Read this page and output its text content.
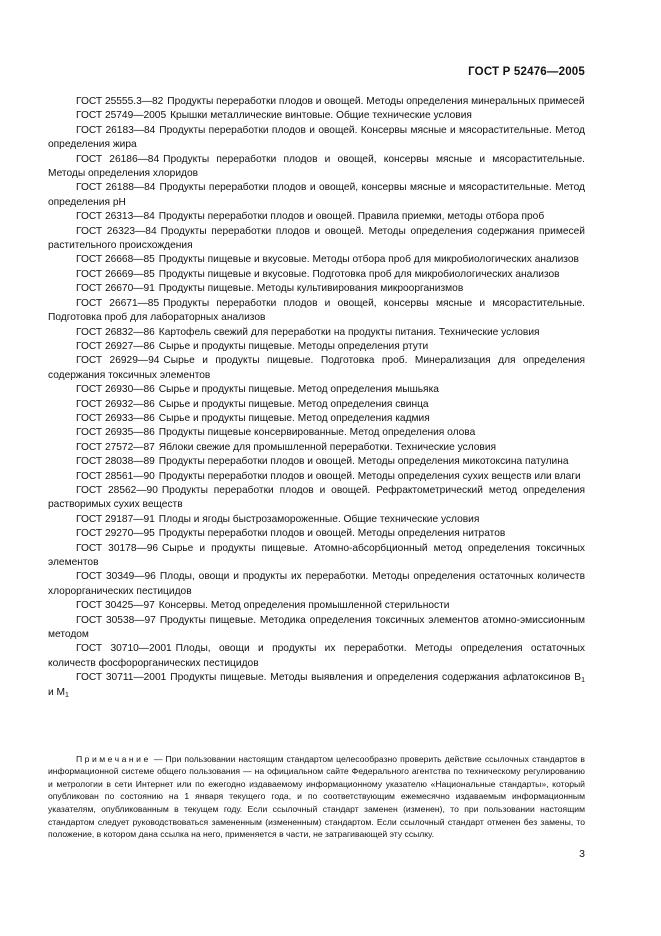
ГОСТ Р 52476—2005

ГОСТ 25555.3—82 Продукты переработки плодов и овощей. Методы определения минеральных примесей

ГОСТ 25749—2005 Крышки металлические винтовые. Общие технические условия

ГОСТ 26183—84 Продукты переработки плодов и овощей. Консервы мясные и мясорастительные. Метод определения жира

ГОСТ 26186—84 Продукты переработки плодов и овощей, консервы мясные и мясорастительные. Методы определения хлоридов

ГОСТ 26188—84 Продукты переработки плодов и овощей, консервы мясные и мясорастительные. Метод определения pH

ГОСТ 26313—84 Продукты переработки плодов и овощей. Правила приемки, методы отбора проб

ГОСТ 26323—84 Продукты переработки плодов и овощей. Методы определения содержания примесей растительного происхождения

ГОСТ 26668—85 Продукты пищевые и вкусовые. Методы отбора проб для микробиологических анализов

ГОСТ 26669—85 Продукты пищевые и вкусовые. Подготовка проб для микробиологических анализов

ГОСТ 26670—91 Продукты пищевые. Методы культивирования микроорганизмов

ГОСТ 26671—85 Продукты переработки плодов и овощей, консервы мясные и мясорастительные. Подготовка проб для лабораторных анализов

ГОСТ 26832—86 Картофель свежий для переработки на продукты питания. Технические условия

ГОСТ 26927—86 Сырье и продукты пищевые. Методы определения ртути

ГОСТ 26929—94 Сырье и продукты пищевые. Подготовка проб. Минерализация для определения содержания токсичных элементов

ГОСТ 26930—86 Сырье и продукты пищевые. Метод определения мышьяка

ГОСТ 26932—86 Сырье и продукты пищевые. Метод определения свинца

ГОСТ 26933—86 Сырье и продукты пищевые. Метод определения кадмия

ГОСТ 26935—86 Продукты пищевые консервированные. Метод определения олова

ГОСТ 27572—87 Яблоки свежие для промышленной переработки. Технические условия

ГОСТ 28038—89 Продукты переработки плодов и овощей. Методы определения микотоксина патулина

ГОСТ 28561—90 Продукты переработки плодов и овощей. Методы определения сухих веществ или влаги

ГОСТ 28562—90 Продукты переработки плодов и овощей. Рефрактометрический метод определения растворимых сухих веществ

ГОСТ 29187—91 Плоды и ягоды быстрозамороженные. Общие технические условия

ГОСТ 29270—95 Продукты переработки плодов и овощей. Методы определения нитратов

ГОСТ 30178—96 Сырье и продукты пищевые. Атомно-абсорбционный метод определения токсичных элементов

ГОСТ 30349—96 Плоды, овощи и продукты их переработки. Методы определения остаточных количеств хлорорганических пестицидов

ГОСТ 30425—97 Консервы. Метод определения промышленной стерильности

ГОСТ 30538—97 Продукты пищевые. Методика определения токсичных элементов атомно-эмиссионным методом

ГОСТ 30710—2001 Плоды, овощи и продукты их переработки. Методы определения остаточных количеств фосфорорганических пестицидов

ГОСТ 30711—2001 Продукты пищевые. Методы выявления и определения содержания афлатоксинов $B_1$ и $M_1$

Примечание — При пользовании настоящим стандартом целесообразно проверить действие ссылочных стандартов в информационной системе общего пользования — на официальном сайте Федерального агентства по техническому регулированию и метрологии в сети Интернет или по ежегодно издаваемому информационному указателю «Национальные стандарты», который опубликован по состоянию на 1 января текущего года, и по соответствующим ежемесячно издаваемым информационным указателям, опубликованным в текущем году. Если ссылочный стандарт заменен (изменен), то при пользовании настоящим стандартом следует руководствоваться замененным (измененным) стандартом. Если ссылочный стандарт отменен без замены, то положение, в котором дана ссылка на него, применяется в части, не затрагивающей эту ссылку.

3
